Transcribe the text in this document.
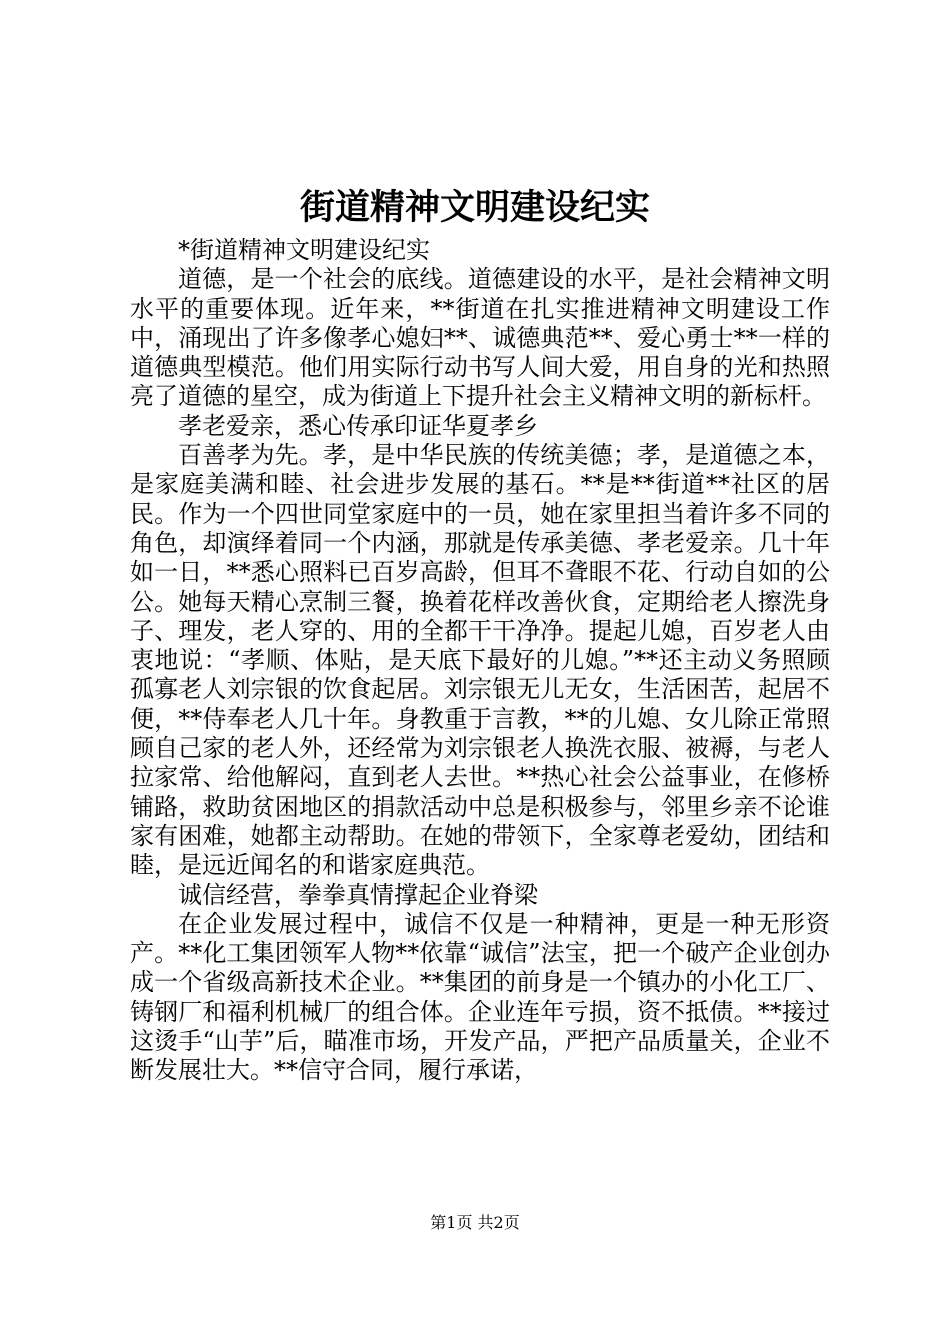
街道精神文明建设纪实

*街道精神文明建设纪实

道德，是一个社会的底线。道德建设的水平，是社会精神文明水平的重要体现。近年来，**街道在扎实推进精神文明建设工作中，涌现出了许多像孝心媳妇**、诚德典范**、爱心勇士**一样的道德典型模范。他们用实际行动书写人间大爱，用自身的光和热照亮了道德的星空，成为街道上下提升社会主义精神文明的新标杆。

孝老爱亲，悉心传承印证华夏孝乡

百善孝为先。孝，是中华民族的传统美德；孝，是道德之本，是家庭美满和睦、社会进步发展的基石。**是**街道**社区的居民。作为一个四世同堂家庭中的一员，她在家里担当着许多不同的角色，却演绎着同一个内涵，那就是传承美德、孝老爱亲。几十年如一日，**悉心照料已百岁高龄，但耳不聋眼不花、行动自如的公公。她每天精心烹制三餐，换着花样改善伙食，定期给老人擦洗身子、理发，老人穿的、用的全都干干净净。提起儿媳，百岁老人由衷地说：“孝顺、体贴，是天底下最好的儿媳。”**还主动义务照顾孤寡老人刘宗银的饮食起居。刘宗银无儿无女，生活困苦，起居不便，**侍奉老人几十年。身教重于言教，**的儿媳、女儿除正常照顾自己家的老人外，还经常为刘宗银老人换洗衣服、被褥，与老人拉家常、给他解闷，直到老人去世。**热心社会公益事业，在修桥铺路，救助贫困地区的捐款活动中总是积极参与，邻里乡亲不论谁家有困难，她都主动帮助。在她的带领下，全家尊老爱幼，团结和睦，是远近闻名的和谐家庭典范。

诚信经营，拳拳真情撑起企业脊梁

在企业发展过程中，诚信不仅是一种精神，更是一种无形资产。**化工集团领军人物**依靠“诚信”法宝，把一个破产企业创办成一个省级高新技术企业。**集团的前身是一个镇办的小化工厂、铸钢厂和福利机械厂的组合体。企业连年亏损，资不抵债。**接过这烫手“山芋”后，瞄准市场，开发产品，严把产品质量关，企业不断发展壮大。**信守合同，履行承诺，

第1页 共2页
